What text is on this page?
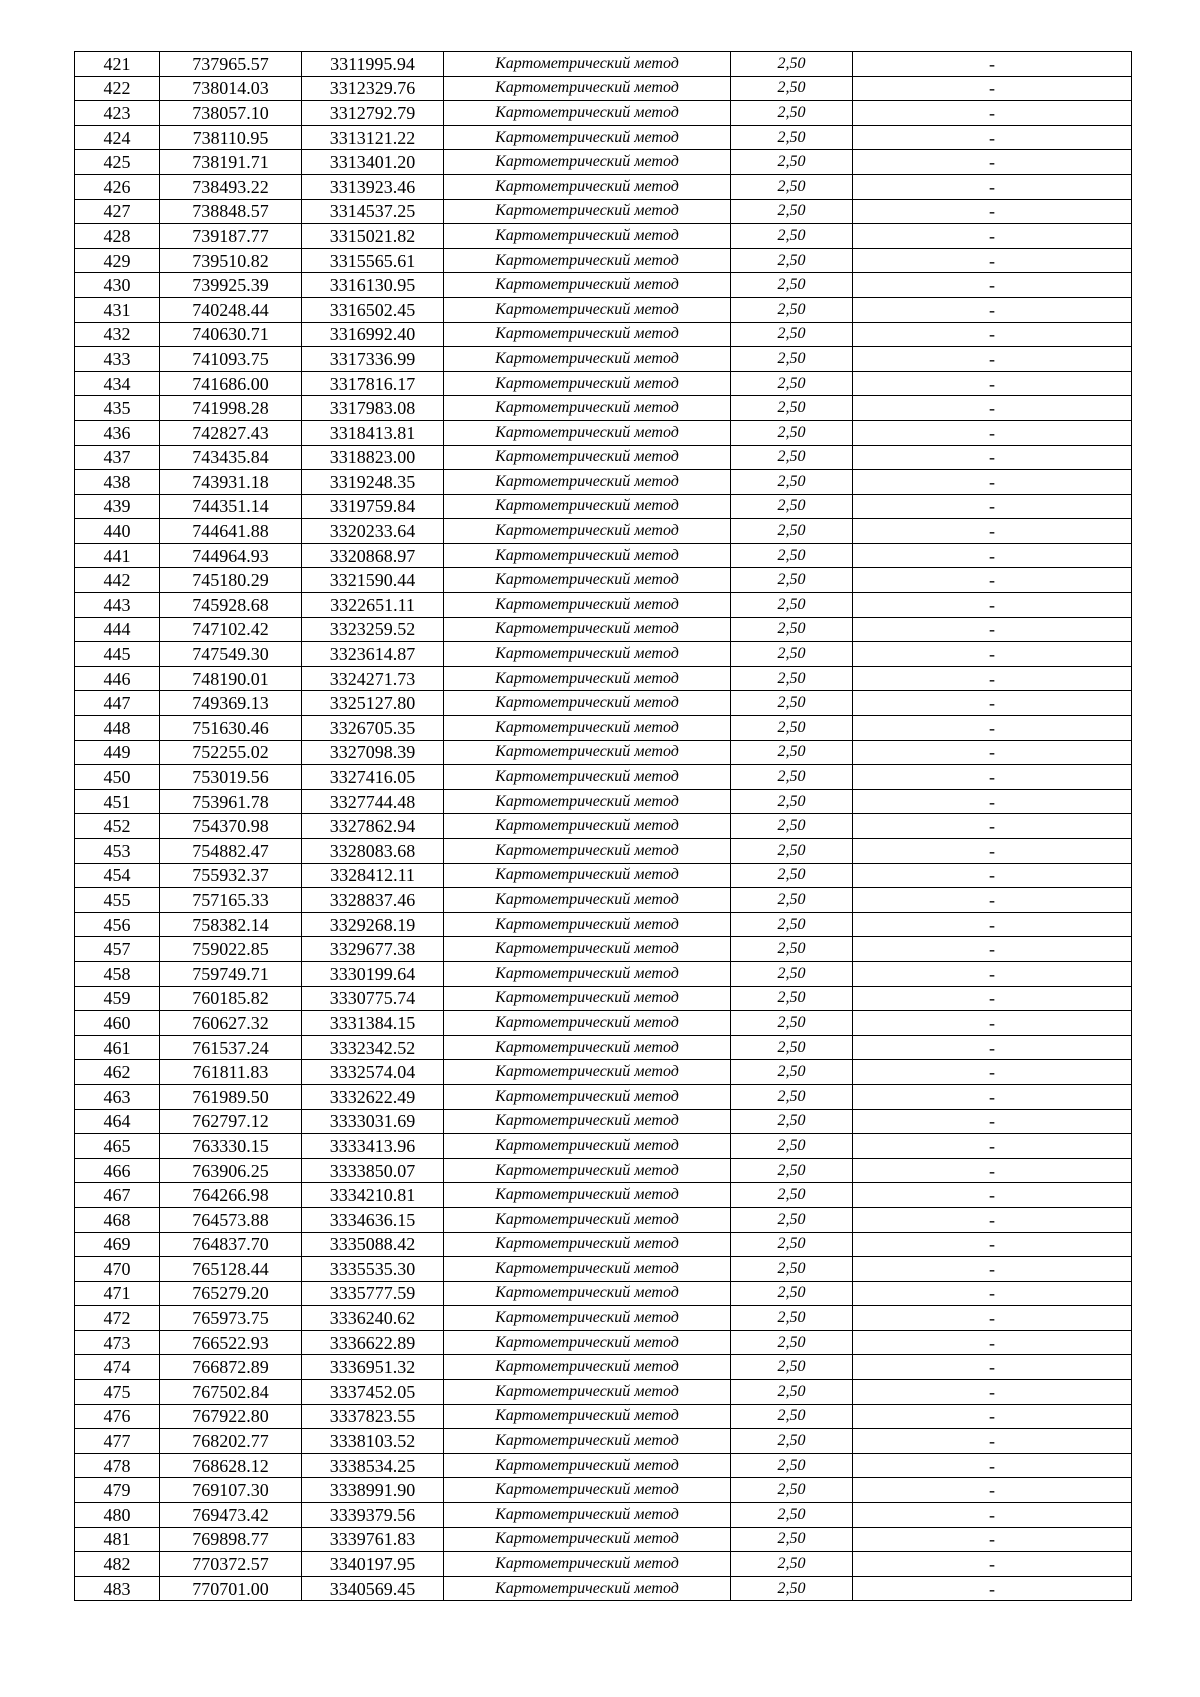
421	737965.57	3311995.94	Картометрический метод	2,50	-
422	738014.03	3312329.76	Картометрический метод	2,50	-
423	738057.10	3312792.79	Картометрический метод	2,50	-
424	738110.95	3313121.22	Картометрический метод	2,50	-
425	738191.71	3313401.20	Картометрический метод	2,50	-
426	738493.22	3313923.46	Картометрический метод	2,50	-
427	738848.57	3314537.25	Картометрический метод	2,50	-
428	739187.77	3315021.82	Картометрический метод	2,50	-
429	739510.82	3315565.61	Картометрический метод	2,50	-
430	739925.39	3316130.95	Картометрический метод	2,50	-
431	740248.44	3316502.45	Картометрический метод	2,50	-
432	740630.71	3316992.40	Картометрический метод	2,50	-
433	741093.75	3317336.99	Картометрический метод	2,50	-
434	741686.00	3317816.17	Картометрический метод	2,50	-
435	741998.28	3317983.08	Картометрический метод	2,50	-
436	742827.43	3318413.81	Картометрический метод	2,50	-
437	743435.84	3318823.00	Картометрический метод	2,50	-
438	743931.18	3319248.35	Картометрический метод	2,50	-
439	744351.14	3319759.84	Картометрический метод	2,50	-
440	744641.88	3320233.64	Картометрический метод	2,50	-
441	744964.93	3320868.97	Картометрический метод	2,50	-
442	745180.29	3321590.44	Картометрический метод	2,50	-
443	745928.68	3322651.11	Картометрический метод	2,50	-
444	747102.42	3323259.52	Картометрический метод	2,50	-
445	747549.30	3323614.87	Картометрический метод	2,50	-
446	748190.01	3324271.73	Картометрический метод	2,50	-
447	749369.13	3325127.80	Картометрический метод	2,50	-
448	751630.46	3326705.35	Картометрический метод	2,50	-
449	752255.02	3327098.39	Картометрический метод	2,50	-
450	753019.56	3327416.05	Картометрический метод	2,50	-
451	753961.78	3327744.48	Картометрический метод	2,50	-
452	754370.98	3327862.94	Картометрический метод	2,50	-
453	754882.47	3328083.68	Картометрический метод	2,50	-
454	755932.37	3328412.11	Картометрический метод	2,50	-
455	757165.33	3328837.46	Картометрический метод	2,50	-
456	758382.14	3329268.19	Картометрический метод	2,50	-
457	759022.85	3329677.38	Картометрический метод	2,50	-
458	759749.71	3330199.64	Картометрический метод	2,50	-
459	760185.82	3330775.74	Картометрический метод	2,50	-
460	760627.32	3331384.15	Картометрический метод	2,50	-
461	761537.24	3332342.52	Картометрический метод	2,50	-
462	761811.83	3332574.04	Картометрический метод	2,50	-
463	761989.50	3332622.49	Картометрический метод	2,50	-
464	762797.12	3333031.69	Картометрический метод	2,50	-
465	763330.15	3333413.96	Картометрический метод	2,50	-
466	763906.25	3333850.07	Картометрический метод	2,50	-
467	764266.98	3334210.81	Картометрический метод	2,50	-
468	764573.88	3334636.15	Картометрический метод	2,50	-
469	764837.70	3335088.42	Картометрический метод	2,50	-
470	765128.44	3335535.30	Картометрический метод	2,50	-
471	765279.20	3335777.59	Картометрический метод	2,50	-
472	765973.75	3336240.62	Картометрический метод	2,50	-
473	766522.93	3336622.89	Картометрический метод	2,50	-
474	766872.89	3336951.32	Картометрический метод	2,50	-
475	767502.84	3337452.05	Картометрический метод	2,50	-
476	767922.80	3337823.55	Картометрический метод	2,50	-
477	768202.77	3338103.52	Картометрический метод	2,50	-
478	768628.12	3338534.25	Картометрический метод	2,50	-
479	769107.30	3338991.90	Картометрический метод	2,50	-
480	769473.42	3339379.56	Картометрический метод	2,50	-
481	769898.77	3339761.83	Картометрический метод	2,50	-
482	770372.57	3340197.95	Картометрический метод	2,50	-
483	770701.00	3340569.45	Картометрический метод	2,50	-
